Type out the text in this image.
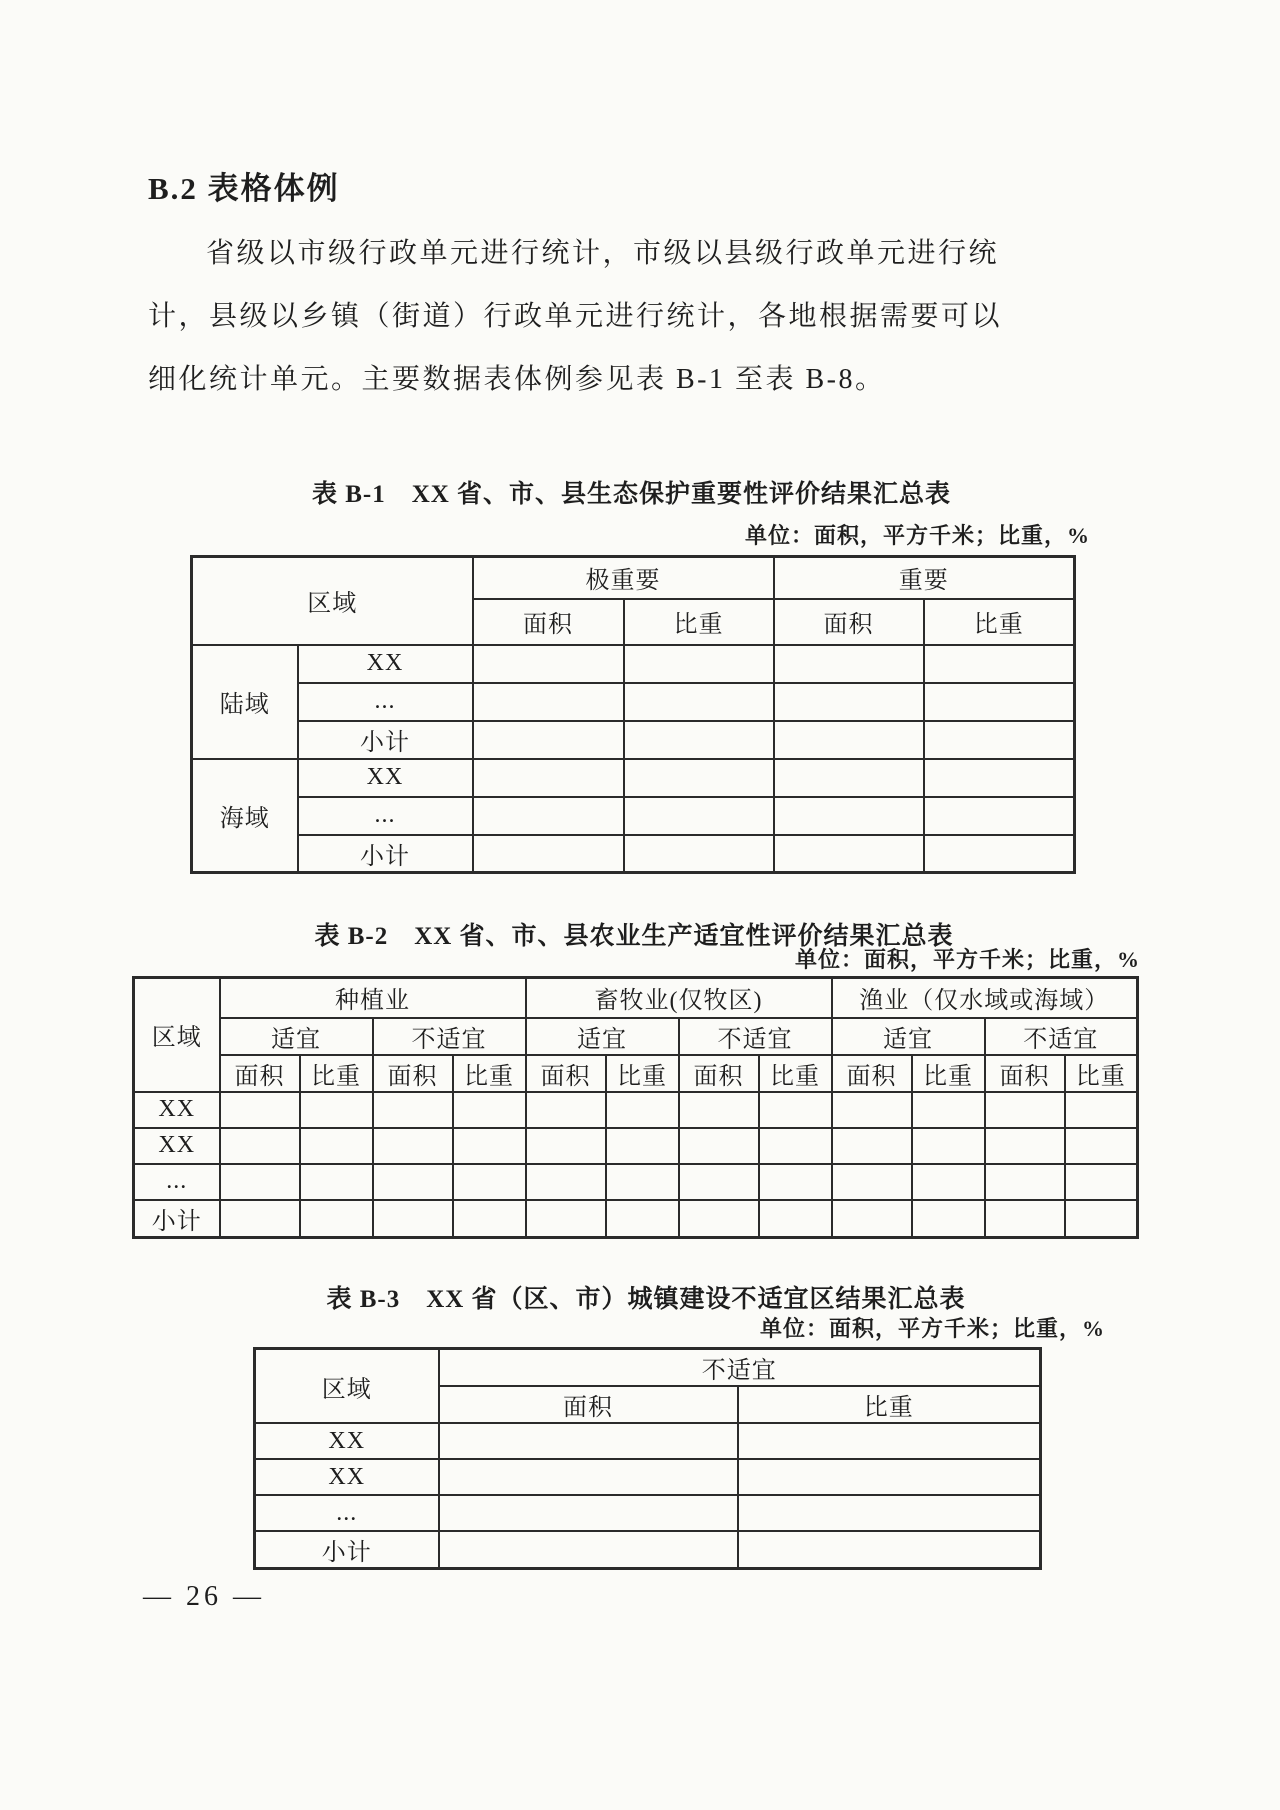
B.2 表格体例
省级以市级行政单元进行统计，市级以县级行政单元进行统
计，县级以乡镇（街道）行政单元进行统计，各地根据需要可以
细化统计单元。主要数据表体例参见表 B-1 至表 B-8。
表 B-1　XX 省、市、县生态保护重要性评价结果汇总表
单位：面积，平方千米；比重，%
区域		极重要		重要	
		面积	比重	面积	比重
陆域	XX				
	...				
	小计				
海域	XX				
	...				
	小计				
表 B-2　XX 省、市、县农业生产适宜性评价结果汇总表
单位：面积，平方千米；比重，%
区域	种植业				畜牧业(仅牧区)				渔业（仅水域或海域）			
	适宜		不适宜		适宜		不适宜		适宜		不适宜	
	面积	比重	面积	比重	面积	比重	面积	比重	面积	比重	面积	比重
XX												
XX												
...												
小计												
表 B-3　XX 省（区、市）城镇建设不适宜区结果汇总表
单位：面积，平方千米；比重，%
区域	不适宜	
	面积	比重
XX		
XX		
...		
小计		
— 26 —
